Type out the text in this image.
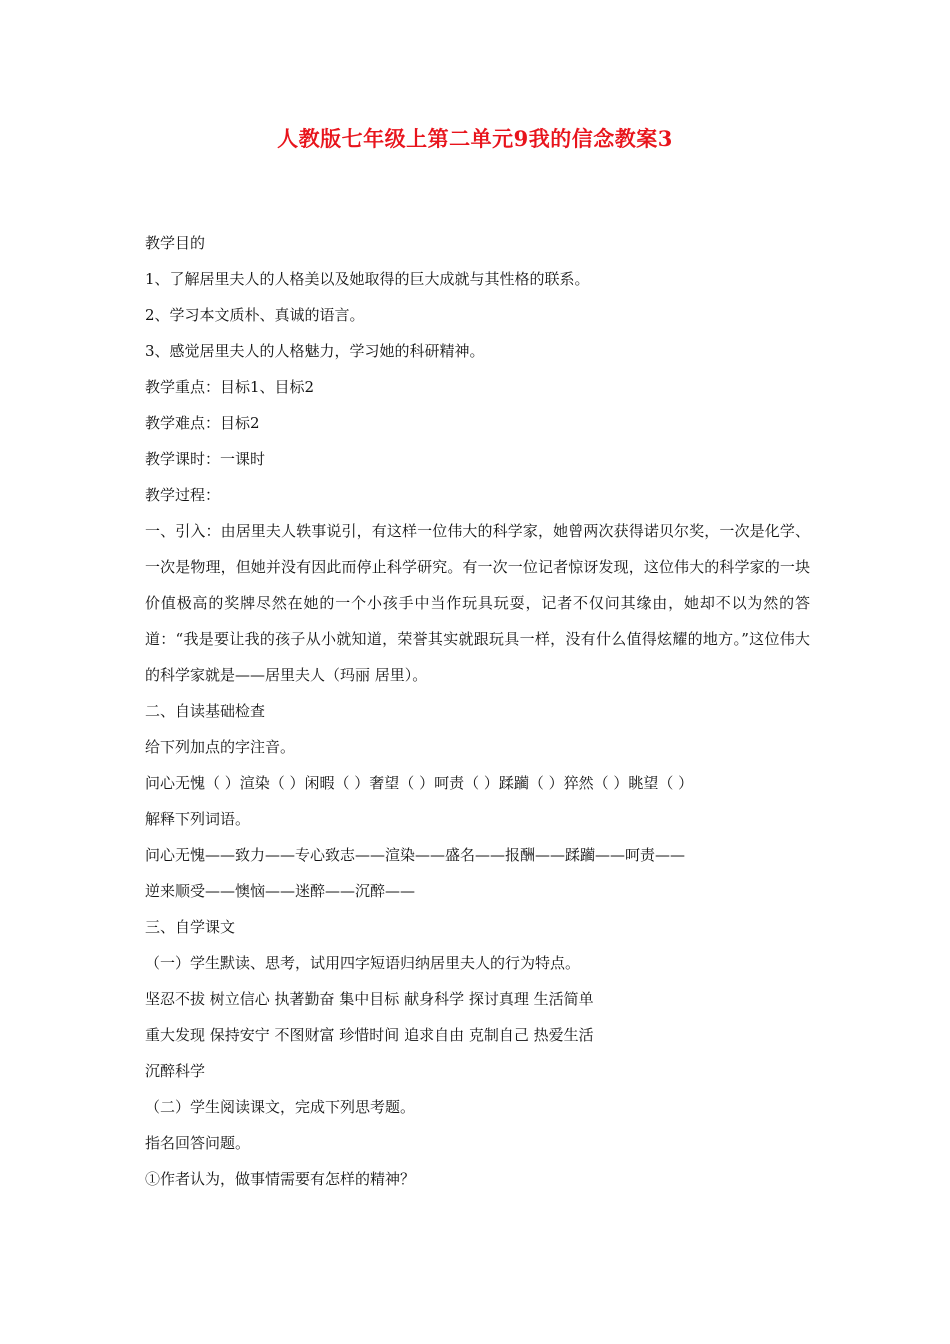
人教版七年级上第二单元9我的信念教案3

教学目的

1、了解居里夫人的人格美以及她取得的巨大成就与其性格的联系。

2、学习本文质朴、真诚的语言。

3、感觉居里夫人的人格魅力，学习她的科研精神。

教学重点：目标1、目标2

教学难点：目标2

教学课时：一课时

教学过程：

一、引入：由居里夫人轶事说引，有这样一位伟大的科学家，她曾两次获得诺贝尔奖，一次是化学、一次是物理，但她并没有因此而停止科学研究。有一次一位记者惊讶发现，这位伟大的科学家的一块价值极高的奖牌尽然在她的一个小孩手中当作玩具玩耍，记者不仅问其缘由，她却不以为然的答道：“我是要让我的孩子从小就知道，荣誉其实就跟玩具一样，没有什么值得炫耀的地方。”这位伟大的科学家就是——居里夫人（玛丽 居里）。

二、自读基础检查

给下列加点的字注音。

问心无愧（ ）渲染（ ）闲暇（ ）奢望（ ）呵责（ ）蹂躏（ ）猝然（ ）眺望（ ）

解释下列词语。

问心无愧——致力——专心致志——渲染——盛名——报酬——蹂躏——呵责——

逆来顺受——懊恼——迷醉——沉醉——

三、自学课文

（一）学生默读、思考，试用四字短语归纳居里夫人的行为特点。

坚忍不拔 树立信心 执著勤奋 集中目标 献身科学 探讨真理 生活简单

重大发现 保持安宁 不图财富 珍惜时间 追求自由 克制自己 热爱生活

沉醉科学

（二）学生阅读课文，完成下列思考题。

指名回答问题。

①作者认为，做事情需要有怎样的精神？
